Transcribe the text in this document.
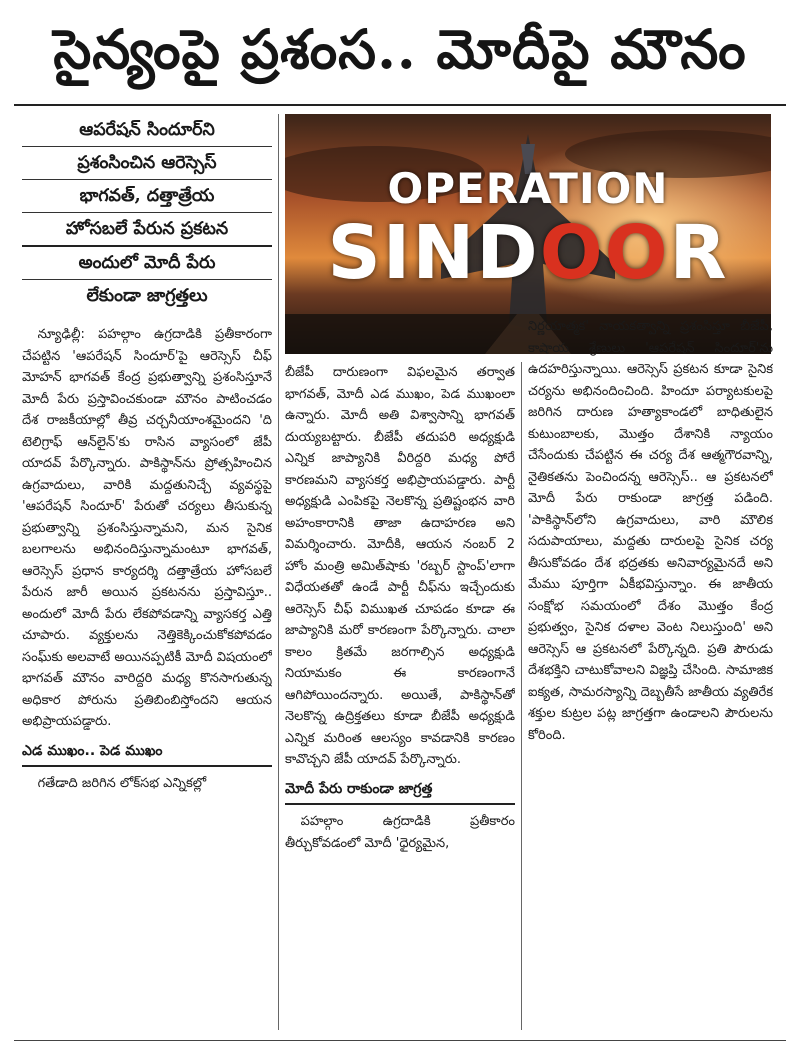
సైన్యంపై ప్రశంస.. మోదీపై మౌనం
ఆపరేషన్ సిందూర్‌ని
ప్రశంసించిన ఆరెస్సెస్
భాగవత్, దత్తాత్రేయ
హోసబలే పేరున ప్రకటన
అందులో మోదీ పేరు
లేకుండా జాగ్రత్తలు
OPERATION
SINDOOR

న్యూఢిల్లీ: పహల్గాం ఉగ్రదాడికి ప్రతీకారంగా చేపట్టిన 'ఆపరేషన్ సిందూర్'పై ఆరెస్సెస్ చీఫ్ మోహన్ భాగవత్ కేంద్ర ప్రభుత్వాన్ని ప్రశంసిస్తూనే మోదీ పేరు ప్రస్తావించకుండా మౌనం పాటించడం దేశ రాజకీయాల్లో తీవ్ర చర్చనీయాంశమైందని 'ది టెలిగ్రాఫ్ ఆన్‌లైన్'కు రాసిన వ్యాసంలో జేపీ యాదవ్ పేర్కొన్నారు. పాకిస్థాన్‌ను ప్రోత్సహించిన ఉగ్రవాదులు, వారికి మద్దతునిచ్చే వ్యవస్థపై 'ఆపరేషన్ సిందూర్' పేరుతో చర్యలు తీసుకున్న ప్రభుత్వాన్ని ప్రశంసిస్తున్నామని, మన సైనిక బలగాలను అభినందిస్తున్నామంటూ భాగవత్, ఆరెస్సెస్ ప్రధాన కార్యదర్శి దత్తాత్రేయ హోసబలే పేరున జారీ అయిన ప్రకటనను ప్రస్తావిస్తూ.. అందులో మోదీ పేరు లేకపోవడాన్ని వ్యాసకర్త ఎత్తి చూపారు. వ్యక్తులను నెత్తికెక్కించుకోకపోవడం సంఘ్‌కు అలవాటే అయినప్పటికీ మోదీ విషయంలో భాగవత్ మౌనం వారిద్దరి మధ్య కొనసాగుతున్న అధికార పోరును ప్రతిబింబిస్తోందని ఆయన అభిప్రాయపడ్డారు.

ఎడ ముఖం.. పెడ ముఖం

గతేడాది జరిగిన లోక్‌సభ ఎన్నికల్లో

బీజేపీ దారుణంగా విఫలమైన తర్వాత భాగవత్, మోదీ ఎడ ముఖం, పెడ ముఖంలా ఉన్నారు. మోదీ అతి విశ్వాసాన్ని భాగవత్ దుయ్యబట్టారు. బీజేపీ తదుపరి అధ్యక్షుడి ఎన్నిక జాప్యానికి వీరిద్దరి మధ్య పోరే కారణమని వ్యాసకర్త అభిప్రాయపడ్డారు. పార్టీ అధ్యక్షుడి ఎంపికపై నెలకొన్న ప్రతిష్టంభన వారి అహంకారానికి తాజా ఉదాహరణ అని విమర్శించారు. మోదీకి, ఆయన నంబర్ 2 హోం మంత్రి అమిత్‌షాకు 'రబ్బర్ స్టాంప్'లాగా విధేయతతో ఉండే పార్టీ చీఫ్‌ను ఇచ్చేందుకు ఆరెస్సెస్ చీఫ్ విముఖత చూపడం కూడా ఈ జాప్యానికి మరో కారణంగా పేర్కొన్నారు. చాలా కాలం క్రితమే జరగాల్సిన అధ్యక్షుడి నియామకం ఈ కారణంగానే ఆగిపోయిందన్నారు. అయితే, పాకిస్థాన్‌తో నెలకొన్న ఉద్రిక్తతలు కూడా బీజేపీ అధ్యక్షుడి ఎన్నిక మరింత ఆలస్యం కావడానికి కారణం కావొచ్చని జేపీ యాదవ్ పేర్కొన్నారు.

మోదీ పేరు రాకుండా జాగ్రత్త

పహల్గాం ఉగ్రదాడికి ప్రతీకారం తీర్చుకోవడంలో మోదీ 'ధైర్యమైన,

నిర్ణయాత్మక' నాయకత్వాన్ని ప్రశంసిస్తూ బీజేపీ, కాషాయ శ్రేణులు 'ఆపరేషన్ సిందూర్'ను ఉదహరిస్తున్నాయి. ఆరెస్సెస్ ప్రకటన కూడా సైనిక చర్యను అభినందించింది. హిందూ పర్యాటకులపై జరిగిన దారుణ హత్యాకాండలో బాధితులైన కుటుంబాలకు, మొత్తం దేశానికి న్యాయం చేసేందుకు చేపట్టిన ఈ చర్య దేశ ఆత్మగౌరవాన్ని, నైతికతను పెంచిందన్న ఆరెస్సెస్.. ఆ ప్రకటనలో మోదీ పేరు రాకుండా జాగ్రత్త పడింది. 'పాకిస్థాన్‌లోని ఉగ్రవాదులు, వారి మౌలిక సదుపాయాలు, మద్దతు దారులపై సైనిక చర్య తీసుకోవడం దేశ భద్రతకు అనివార్యమైనదే అని మేము పూర్తిగా ఏకీభవిస్తున్నాం. ఈ జాతీయ సంక్షోభ సమయంలో దేశం మొత్తం కేంద్ర ప్రభుత్వం, సైనిక దళాల వెంట నిలుస్తుంది' అని ఆరెస్సెస్ ఆ ప్రకటనలో పేర్కొన్నది. ప్రతి పౌరుడు దేశభక్తిని చాటుకోవాలని విజ్ఞప్తి చేసింది. సామాజిక ఐక్యత, సామరస్యాన్ని దెబ్బతీసే జాతీయ వ్యతిరేక శక్తుల కుట్రల పట్ల జాగ్రత్తగా ఉండాలని పౌరులను కోరింది.
